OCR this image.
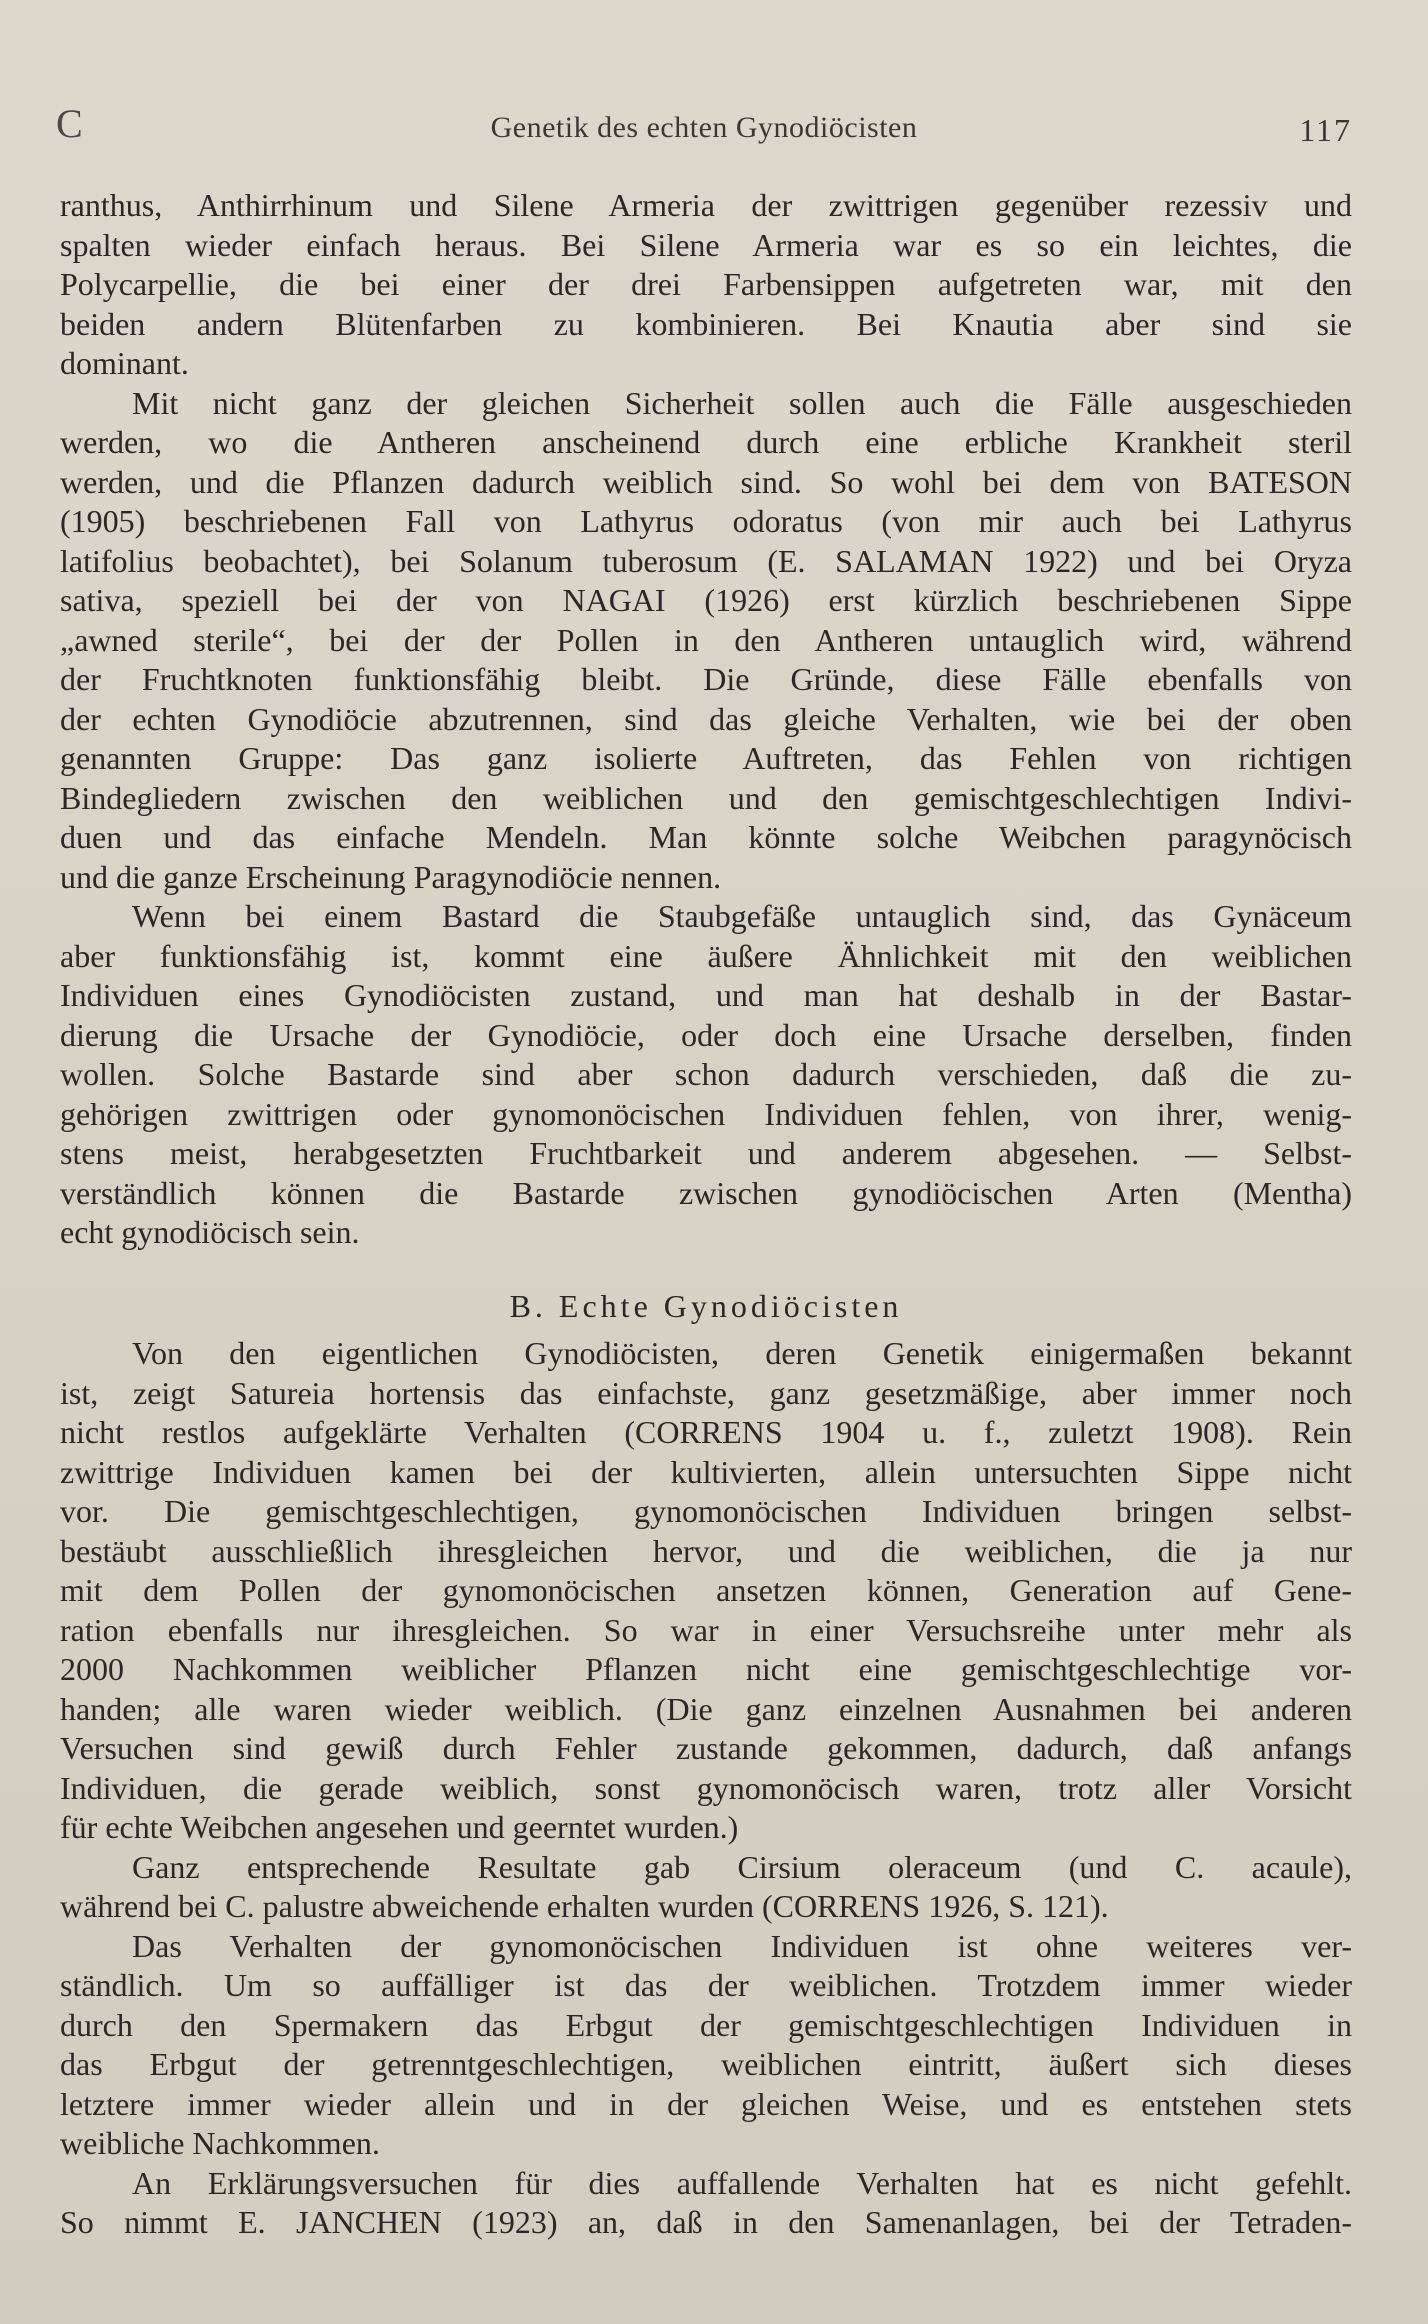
C	Genetik des echten Gynodiöcisten	117
ranthus, Anthirrhinum und Silene Armeria der zwittrigen gegenüber rezessiv und
spalten wieder einfach heraus. Bei Silene Armeria war es so ein leichtes, die
Polycarpellie, die bei einer der drei Farbensippen aufgetreten war, mit den
beiden andern Blütenfarben zu kombinieren. Bei Knautia aber sind sie
dominant.
Mit nicht ganz der gleichen Sicherheit sollen auch die Fälle ausgeschieden
werden, wo die Antheren anscheinend durch eine erbliche Krankheit steril
werden, und die Pflanzen dadurch weiblich sind. So wohl bei dem von BATESON
(1905) beschriebenen Fall von Lathyrus odoratus (von mir auch bei Lathyrus
latifolius beobachtet), bei Solanum tuberosum (E. SALAMAN 1922) und bei Oryza
sativa, speziell bei der von NAGAI (1926) erst kürzlich beschriebenen Sippe
„awned sterile“, bei der der Pollen in den Antheren untauglich wird, während
der Fruchtknoten funktionsfähig bleibt. Die Gründe, diese Fälle ebenfalls von
der echten Gynodiöcie abzutrennen, sind das gleiche Verhalten, wie bei der oben
genannten Gruppe: Das ganz isolierte Auftreten, das Fehlen von richtigen
Bindegliedern zwischen den weiblichen und den gemischtgeschlechtigen Indivi-
duen und das einfache Mendeln. Man könnte solche Weibchen paragynöcisch
und die ganze Erscheinung Paragynodiöcie nennen.
Wenn bei einem Bastard die Staubgefäße untauglich sind, das Gynäceum
aber funktionsfähig ist, kommt eine äußere Ähnlichkeit mit den weiblichen
Individuen eines Gynodiöcisten zustand, und man hat deshalb in der Bastar-
dierung die Ursache der Gynodiöcie, oder doch eine Ursache derselben, finden
wollen. Solche Bastarde sind aber schon dadurch verschieden, daß die zu-
gehörigen zwittrigen oder gynomonöcischen Individuen fehlen, von ihrer, wenig-
stens meist, herabgesetzten Fruchtbarkeit und anderem abgesehen. — Selbst-
verständlich können die Bastarde zwischen gynodiöcischen Arten (Mentha)
echt gynodiöcisch sein.
B. Echte Gynodiöcisten
Von den eigentlichen Gynodiöcisten, deren Genetik einigermaßen bekannt
ist, zeigt Satureia hortensis das einfachste, ganz gesetzmäßige, aber immer noch
nicht restlos aufgeklärte Verhalten (CORRENS 1904 u. f., zuletzt 1908). Rein
zwittrige Individuen kamen bei der kultivierten, allein untersuchten Sippe nicht
vor. Die gemischtgeschlechtigen, gynomonöcischen Individuen bringen selbst-
bestäubt ausschließlich ihresgleichen hervor, und die weiblichen, die ja nur
mit dem Pollen der gynomonöcischen ansetzen können, Generation auf Gene-
ration ebenfalls nur ihresgleichen. So war in einer Versuchsreihe unter mehr als
2000 Nachkommen weiblicher Pflanzen nicht eine gemischtgeschlechtige vor-
handen; alle waren wieder weiblich. (Die ganz einzelnen Ausnahmen bei anderen
Versuchen sind gewiß durch Fehler zustande gekommen, dadurch, daß anfangs
Individuen, die gerade weiblich, sonst gynomonöcisch waren, trotz aller Vorsicht
für echte Weibchen angesehen und geerntet wurden.)
Ganz entsprechende Resultate gab Cirsium oleraceum (und C. acaule),
während bei C. palustre abweichende erhalten wurden (CORRENS 1926, S. 121).
Das Verhalten der gynomonöcischen Individuen ist ohne weiteres ver-
ständlich. Um so auffälliger ist das der weiblichen. Trotzdem immer wieder
durch den Spermakern das Erbgut der gemischtgeschlechtigen Individuen in
das Erbgut der getrenntgeschlechtigen, weiblichen eintritt, äußert sich dieses
letztere immer wieder allein und in der gleichen Weise, und es entstehen stets
weibliche Nachkommen.
An Erklärungsversuchen für dies auffallende Verhalten hat es nicht gefehlt.
So nimmt E. JANCHEN (1923) an, daß in den Samenanlagen, bei der Tetraden-
